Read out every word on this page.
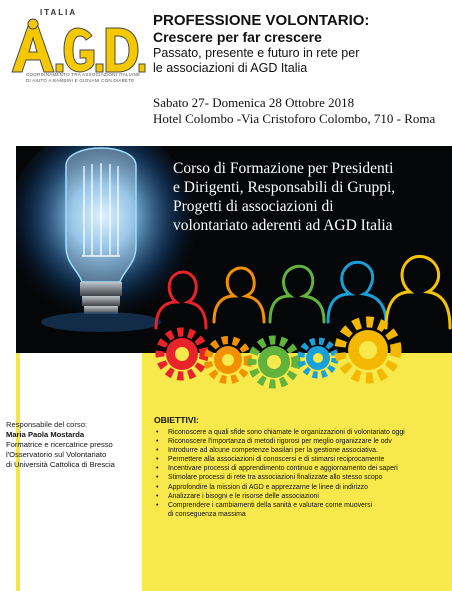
ITALIA
COORDINAMENTO TRA ASSOCIAZIONI ITALIANE DI AIUTO A BAMBINI E GIOVANI CON DIABETE
PROFESSIONE VOLONTARIO:
Crescere per far crescere
Passato, presente e futuro in rete per
le associazioni di AGD Italia
Sabato 27- Domenica 28 Ottobre 2018
Hotel Colombo -Via Cristoforo Colombo, 710 - Roma
Corso di Formazione per Presidenti
e Dirigenti, Responsabili di Gruppi,
Progetti di associazioni di
volontariato aderenti ad AGD Italia
Responsabile del corso:
Maria Paola Mostarda
Formatrice e ricercatrice presso
l'Osservatorio sul Volontariato
di Università Cattolica di Brescia
OBIETTIVI:
• Riconoscere a quali sfide sono chiamate le organizzazioni di volontariato oggi
• Riconoscere l'importanza di metodi rigorosi per meglio organizzare le odv
• Introdurre ad alcune competenze basilari per la gestione associativa.
• Permettere alla associazioni di conoscersi e di stimarsi reciprocamente
• Incentivare processi di apprendimento continuo e aggiornamento dei saperi
• Stimolare processi di rete tra associazioni finalizzate allo stesso scopo
• Approfondire la mission di AGD e apprezzarne le linee di indirizzo
• Analizzare i bisogni e le risorse delle associazioni
• Comprendere i cambiamenti della sanità e valutare come muoversi
di conseguenza massima
